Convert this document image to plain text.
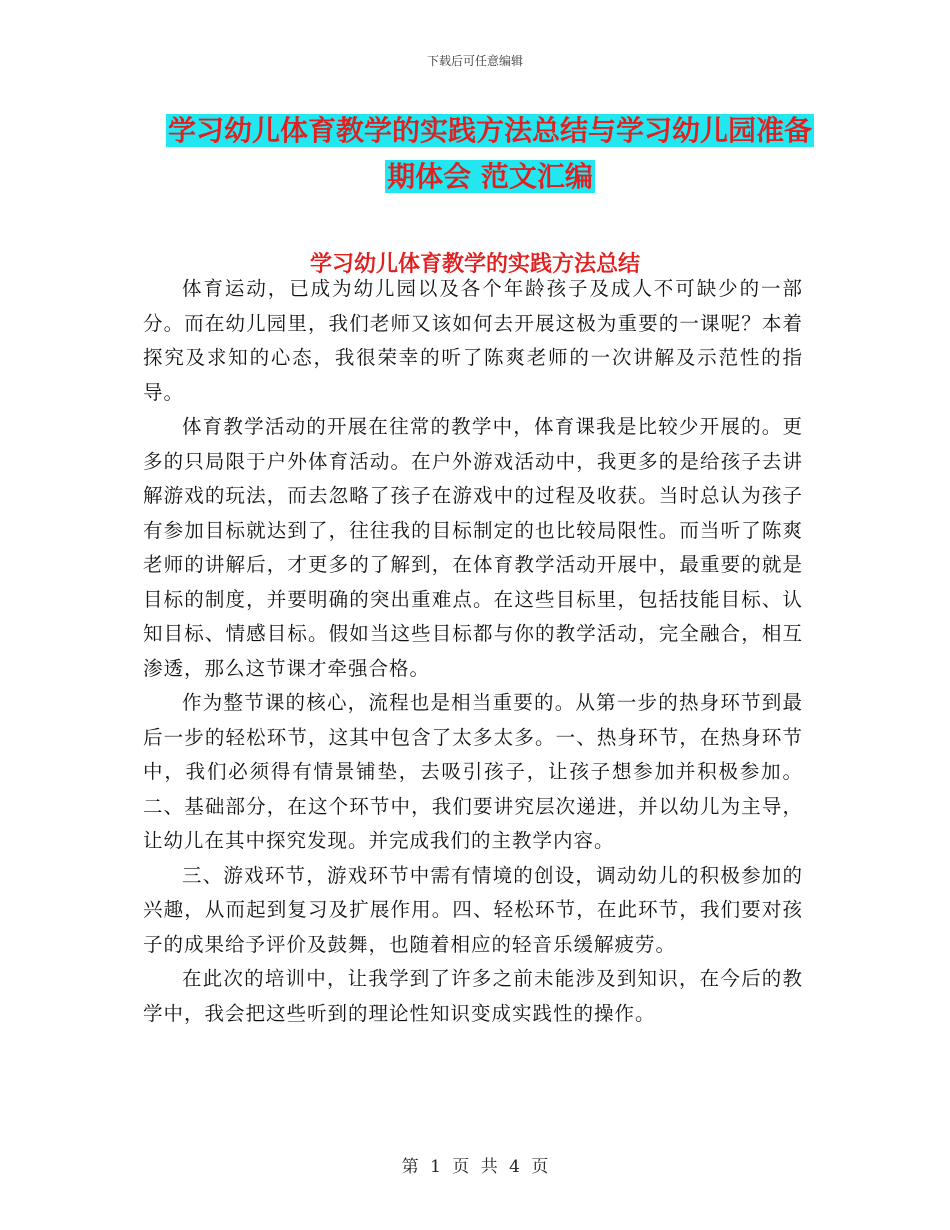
下载后可任意编辑
学习幼儿体育教学的实践方法总结与学习幼儿园准备
期体会 范文汇编
学习幼儿体育教学的实践方法总结

体育运动，已成为幼儿园以及各个年龄孩子及成人不可缺少的一部分。而在幼儿园里，我们老师又该如何去开展这极为重要的一课呢？本着探究及求知的心态，我很荣幸的听了陈爽老师的一次讲解及示范性的指导。

体育教学活动的开展在往常的教学中，体育课我是比较少开展的。更多的只局限于户外体育活动。在户外游戏活动中，我更多的是给孩子去讲解游戏的玩法，而去忽略了孩子在游戏中的过程及收获。当时总认为孩子有参加目标就达到了，往往我的目标制定的也比较局限性。而当听了陈爽老师的讲解后，才更多的了解到，在体育教学活动开展中，最重要的就是目标的制度，并要明确的突出重难点。在这些目标里，包括技能目标、认知目标、情感目标。假如当这些目标都与你的教学活动，完全融合，相互渗透，那么这节课才牵强合格。

作为整节课的核心，流程也是相当重要的。从第一步的热身环节到最后一步的轻松环节，这其中包含了太多太多。一、热身环节，在热身环节中，我们必须得有情景铺垫，去吸引孩子，让孩子想参加并积极参加。二、基础部分，在这个环节中，我们要讲究层次递进，并以幼儿为主导，让幼儿在其中探究发现。并完成我们的主教学内容。

三、游戏环节，游戏环节中需有情境的创设，调动幼儿的积极参加的兴趣，从而起到复习及扩展作用。四、轻松环节，在此环节，我们要对孩子的成果给予评价及鼓舞，也随着相应的轻音乐缓解疲劳。

在此次的培训中，让我学到了许多之前未能涉及到知识，在今后的教学中，我会把这些听到的理论性知识变成实践性的操作。

第 1 页 共 4 页
